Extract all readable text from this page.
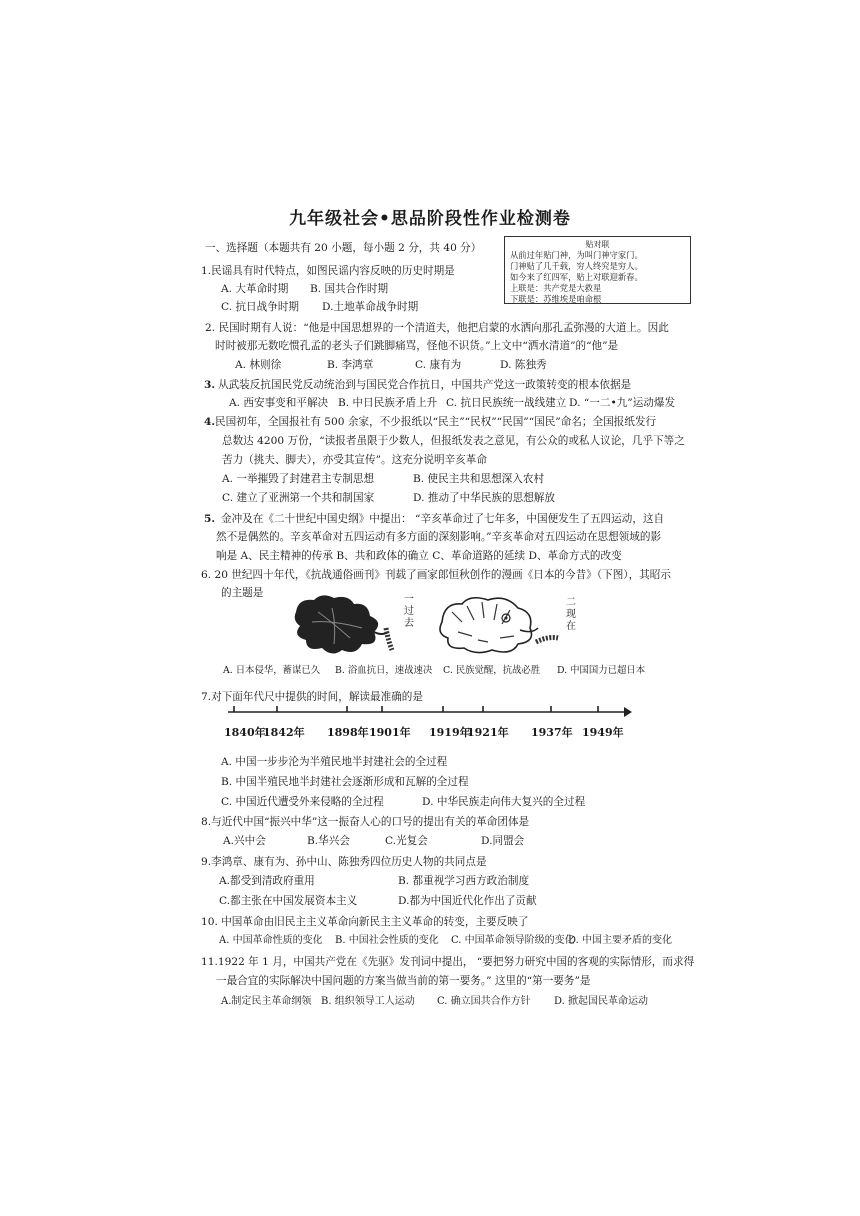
九年级社会•思品阶段性作业检测卷
一、选择题（本题共有 20 小题，每小题 2 分，共 40 分）	贴对联
从前过年贴门神，为叫门神守家门。
门神贴了几千载，穷人终究是穷人。
如今来了红四军，贴上对联迎新春。
上联是：共产党是大救星
下联是：苏维埃是咱命根
1.民谣具有时代特点，如图民谣内容反映的历史时期是
A. 大革命时期 B. 国共合作时期
C. 抗日战争时期 D.土地革命战争时期
2. 民国时期有人说：“他是中国思想界的一个清道夫，他把启蒙的水洒向那孔孟弥漫的大道上。因此
时时被那无数吃惯孔孟的老头子们跳脚痛骂，怪他不识货。”上文中“洒水清道”的“他”是
A. 林则徐	B. 李鸿章	C. 康有为	D. 陈独秀
3. 从武装反抗国民党反动统治到与国民党合作抗日，中国共产党这一政策转变的根本依据是
A. 西安事变和平解决 B. 中日民族矛盾上升 C. 抗日民族统一战线建立 D. “一二•九”运动爆发
4. 民国初年，全国报社有 500 余家，不少报纸以“民主”“民权”“民国”“国民”命名；全国报纸发行
总数达 4200 万份，“读报者虽限于少数人，但报纸发表之意见，有公众的或私人议论，几乎下等之
苦力（挑夫、脚夫），亦受其宣传”。这充分说明辛亥革命
A. 一举摧毁了封建君主专制思想	B. 使民主共和思想深入农村
C. 建立了亚洲第一个共和制国家	D. 推动了中华民族的思想解放
5. 金冲及在《二十世纪中国史纲》中提出： “辛亥革命过了七年多，中国便发生了五四运动，这自
然不是偶然的。辛亥革命对五四运动有多方面的深刻影响。”辛亥革命对五四运动在思想领域的影
响是 A、民主精神的传承 B、共和政体的确立 C、革命道路的延续 D、革命方式的改变
6. 20 世纪四十年代，《抗战通俗画刊》刊载了画家郎恒秋创作的漫画《日本的今昔》（下图），其昭示
的主题是
一过去
二现在
A. 日本侵华，蓄谋已久 B. 浴血抗日，速战速决 C. 民族觉醒，抗战必胜 D. 中国国力已超日本
7.对下面年代尺中提供的时间，解读最准确的是
1840年
1842年 1898年 1901年 1919年
1921年 1937年 1949年
A. 中国一步步沦为半殖民地半封建社会的全过程
B. 中国半殖民地半封建社会逐渐形成和瓦解的全过程
C. 中国近代遭受外来侵略的全过程	D. 中华民族走向伟大复兴的全过程
8.与近代中国“振兴中华”这一振奋人心的口号的提出有关的革命团体是
A.兴中会	B.华兴会	C.光复会	D.同盟会
9.李鸿章、康有为、孙中山、陈独秀四位历史人物的共同点是
A.都受到清政府重用	B. 都重视学习西方政治制度
C.都主张在中国发展资本主义	D.都为中国近代化作出了贡献
10. 中国革命由旧民主主义革命向新民主主义革命的转变，主要反映了
A. 中国革命性质的变化 B. 中国社会性质的变化 C. 中国革命领导阶级的变化
D. 中国主要矛盾的变化
11.1922 年 1 月，中国共产党在《先驱》发刊词中提出， “要把努力研究中国的客观的实际情形，而求得
一最合宜的实际解决中国问题的方案当做当前的第一要务。” 这里的“第一要务”是
A.制定民主革命纲领 B. 组织领导工人运动 C. 确立国共合作方针 D. 掀起国民革命运动
